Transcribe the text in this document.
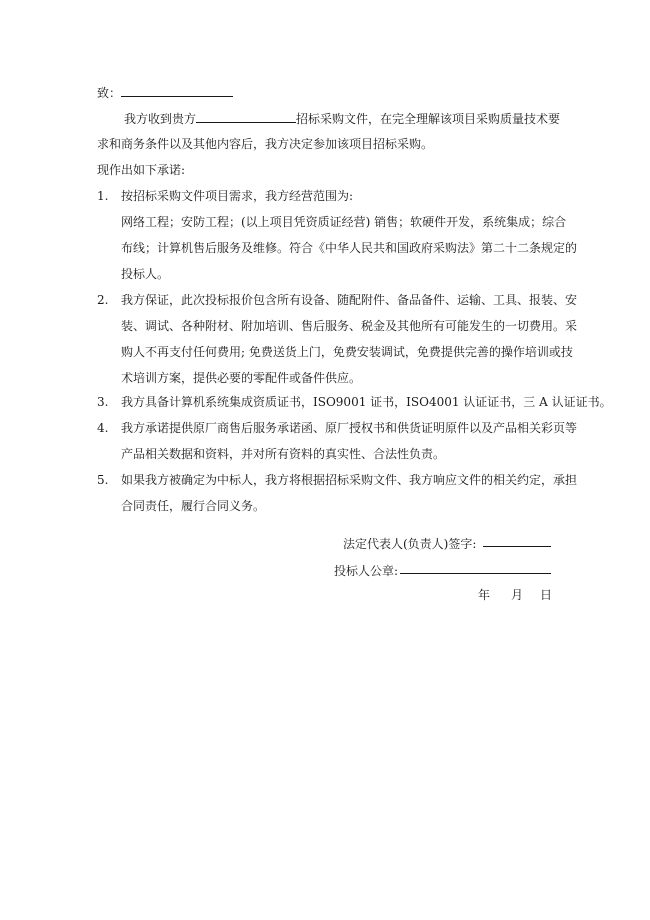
致：
我方收到贵方	招标采购文件，在完全理解该项目采购质量技术要
求和商务条件以及其他内容后，我方决定参加该项目招标采购。
现作出如下承诺:
1. 按招标采购文件项目需求，我方经营范围为:
网络工程；安防工程；(以上项目凭资质证经营) 销售；软硬件开发，系统集成；综合
布线；计算机售后服务及维修。符合《中华人民共和国政府采购法》第二十二条规定的
投标人。
2. 我方保证，此次投标报价包含所有设备、随配附件、备品备件、运输、工具、报装、安
装、调试、各种附材、附加培训、售后服务、税金及其他所有可能发生的一切费用。采
购人不再支付任何费用; 免费送货上门，免费安装调试，免费提供完善的操作培训或技
术培训方案，提供必要的零配件或备件供应。
3. 我方具备计算机系统集成资质证书，ISO9001 证书，ISO4001 认证证书，三 A 认证证书。
4. 我方承诺提供原厂商售后服务承诺函、原厂授权书和供货证明原件以及产品相关彩页等
产品相关数据和资料，并对所有资料的真实性、合法性负责。
5. 如果我方被确定为中标人，我方将根据招标采购文件、我方响应文件的相关约定，承担
合同责任，履行合同义务。
法定代表人(负责人)签字:
投标人公章:
年 月 日
